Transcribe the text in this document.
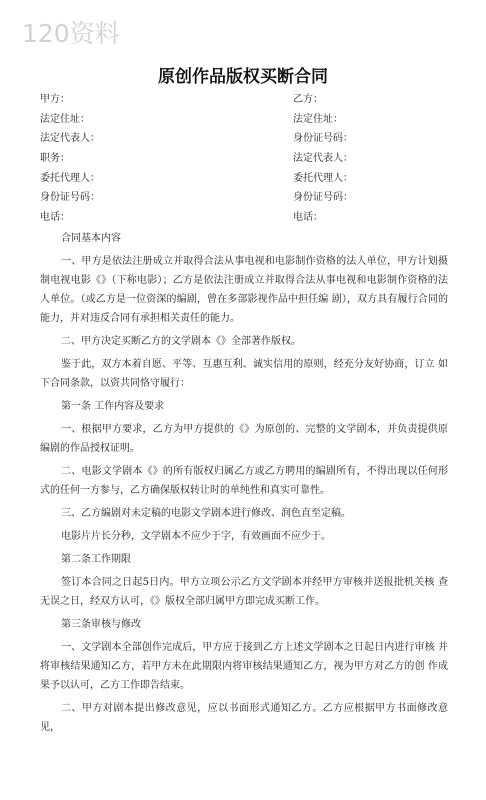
120资料
原创作品版权买断合同
甲方：	乙方：
法定住址：	法定住址：
法定代表人：	身份证号码：
职务：	法定代表人：
委托代理人：	委托代理人：
身份证号码：	身份证号码：
电话：	电话：

合同基本内容

一、甲方是依法注册成立并取得合法从事电视和电影制作资格的法人单位，甲方计划摄制电视电影《》（下称电影）；乙方是依法注册成立并取得合法从事电视和电影制作资格的法人单位。（或乙方是一位资深的编剧，曾在多部影视作品中担任编 剧），双方具有履行合同的能力，并对违反合同有承担相关责任的能力。

二、甲方决定买断乙方的文学剧本《》全部著作版权。

鉴于此，双方本着自愿、平等、互惠互利、诚实信用的原则，经充分友好协商，订立 如下合同条款，以资共同恪守履行：

第一条 工作内容及要求

一、根据甲方要求，乙方为甲方提供的《》为原创的、完整的文学剧本，并负责提供原编剧的作品授权证明。

二、电影文学剧本《》的所有版权归属乙方或乙方聘用的编剧所有，不得出现以任何形式的任何一方参与，乙方确保版权转让时的单纯性和真实可靠性。

三、乙方编剧对未定稿的电影文学剧本进行修改、润色直至定稿。

电影片片长分秒，文学剧本不应少于字，有效画面不应少于。

第二条工作期限

签订本合同之日起5日内。甲方立项公示乙方文学剧本并经甲方审核并送报批机关核 查无误之日，经双方认可，《》版权全部归属甲方即完成买断工作。

第三条审核与修改

一、文学剧本全部创作完成后，甲方应于接到乙方上述文学剧本之日起日内进行审核 并将审核结果通知乙方，若甲方未在此期限内将审核结果通知乙方，视为甲方对乙方的创 作成果予以认可，乙方工作即告结束。

二、甲方对剧本提出修改意见，应以书面形式通知乙方。乙方应根据甲方书面修改意 见，
